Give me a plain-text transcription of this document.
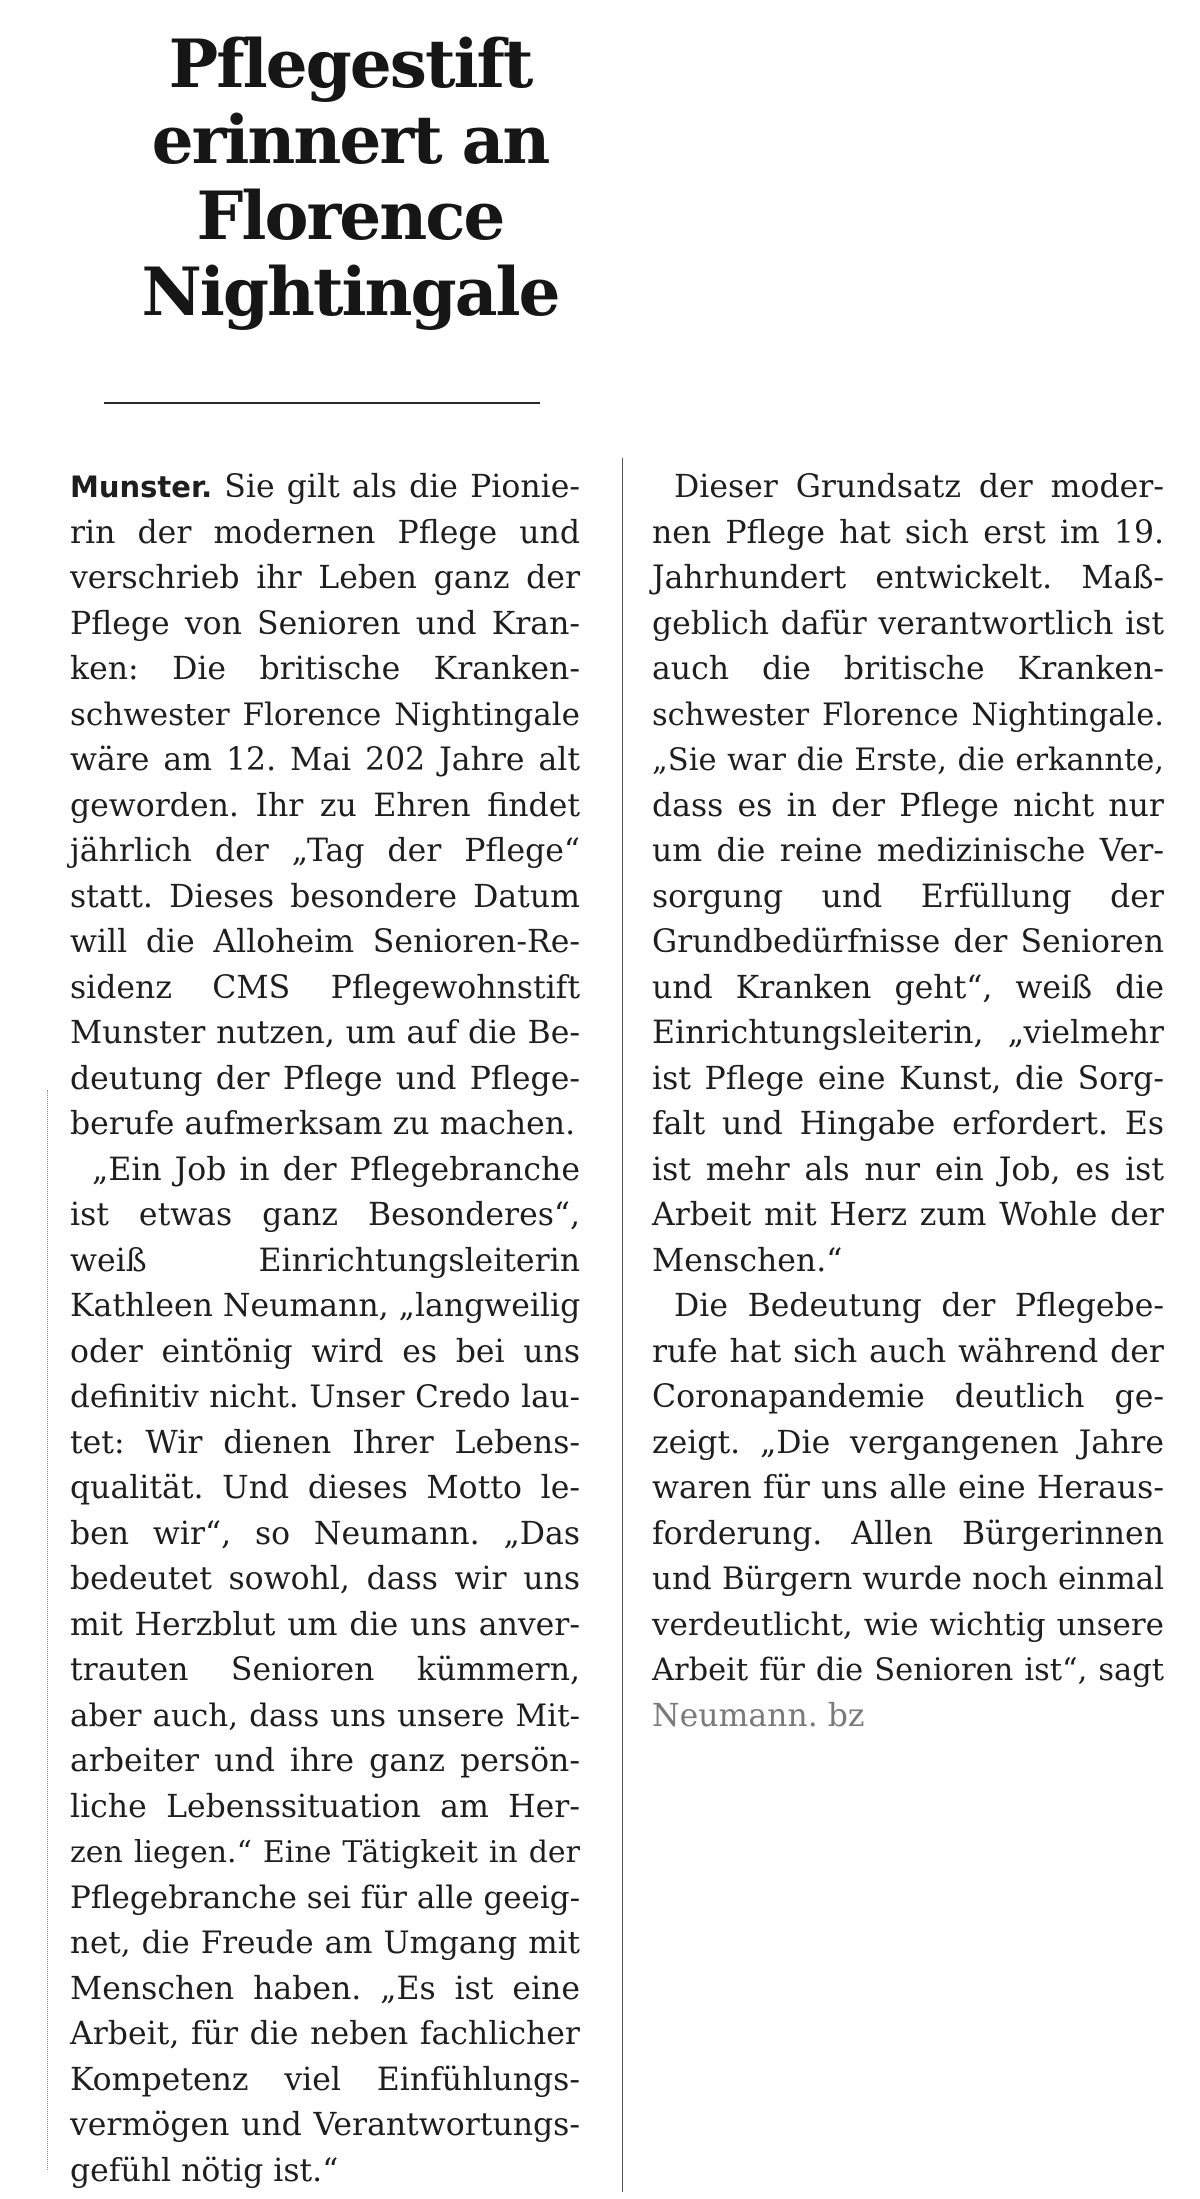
Pflegestift
erinnert an
Florence
Nightingale

Munster. Sie gilt als die Pionie-
rin der modernen Pflege und
verschrieb ihr Leben ganz der
Pflege von Senioren und Kran-
ken: Die britische Kranken-
schwester Florence Nightingale
wäre am 12. Mai 202 Jahre alt
geworden. Ihr zu Ehren findet
jährlich der „Tag der Pflege“
statt. Dieses besondere Datum
will die Alloheim Senioren-Re-
sidenz CMS Pflegewohnstift
Munster nutzen, um auf die Be-
deutung der Pflege und Pflege-
berufe aufmerksam zu machen.

„Ein Job in der Pflegebranche
ist etwas ganz Besonderes“,
weiß Einrichtungsleiterin
Kathleen Neumann, „langweilig
oder eintönig wird es bei uns
definitiv nicht. Unser Credo lau-
tet: Wir dienen Ihrer Lebens-
qualität. Und dieses Motto le-
ben wir“, so Neumann. „Das
bedeutet sowohl, dass wir uns
mit Herzblut um die uns anver-
trauten Senioren kümmern,
aber auch, dass uns unsere Mit-
arbeiter und ihre ganz persön-
liche Lebenssituation am Her-
zen liegen.“ Eine Tätigkeit in der
Pflegebranche sei für alle geeig-
net, die Freude am Umgang mit
Menschen haben. „Es ist eine
Arbeit, für die neben fachlicher
Kompetenz viel Einfühlungs-
vermögen und Verantwortungs-
gefühl nötig ist.“

Dieser Grundsatz der moder-
nen Pflege hat sich erst im 19.
Jahrhundert entwickelt. Maß-
geblich dafür verantwortlich ist
auch die britische Kranken-
schwester Florence Nightingale.
„Sie war die Erste, die erkannte,
dass es in der Pflege nicht nur
um die reine medizinische Ver-
sorgung und Erfüllung der
Grundbedürfnisse der Senioren
und Kranken geht“, weiß die
Einrichtungsleiterin, „vielmehr
ist Pflege eine Kunst, die Sorg-
falt und Hingabe erfordert. Es
ist mehr als nur ein Job, es ist
Arbeit mit Herz zum Wohle der
Menschen.“

Die Bedeutung der Pflegebe-
rufe hat sich auch während der
Coronapandemie deutlich ge-
zeigt. „Die vergangenen Jahre
waren für uns alle eine Heraus-
forderung. Allen Bürgerinnen
und Bürgern wurde noch einmal
verdeutlicht, wie wichtig unsere
Arbeit für die Senioren ist“, sagt
Neumann. bz
